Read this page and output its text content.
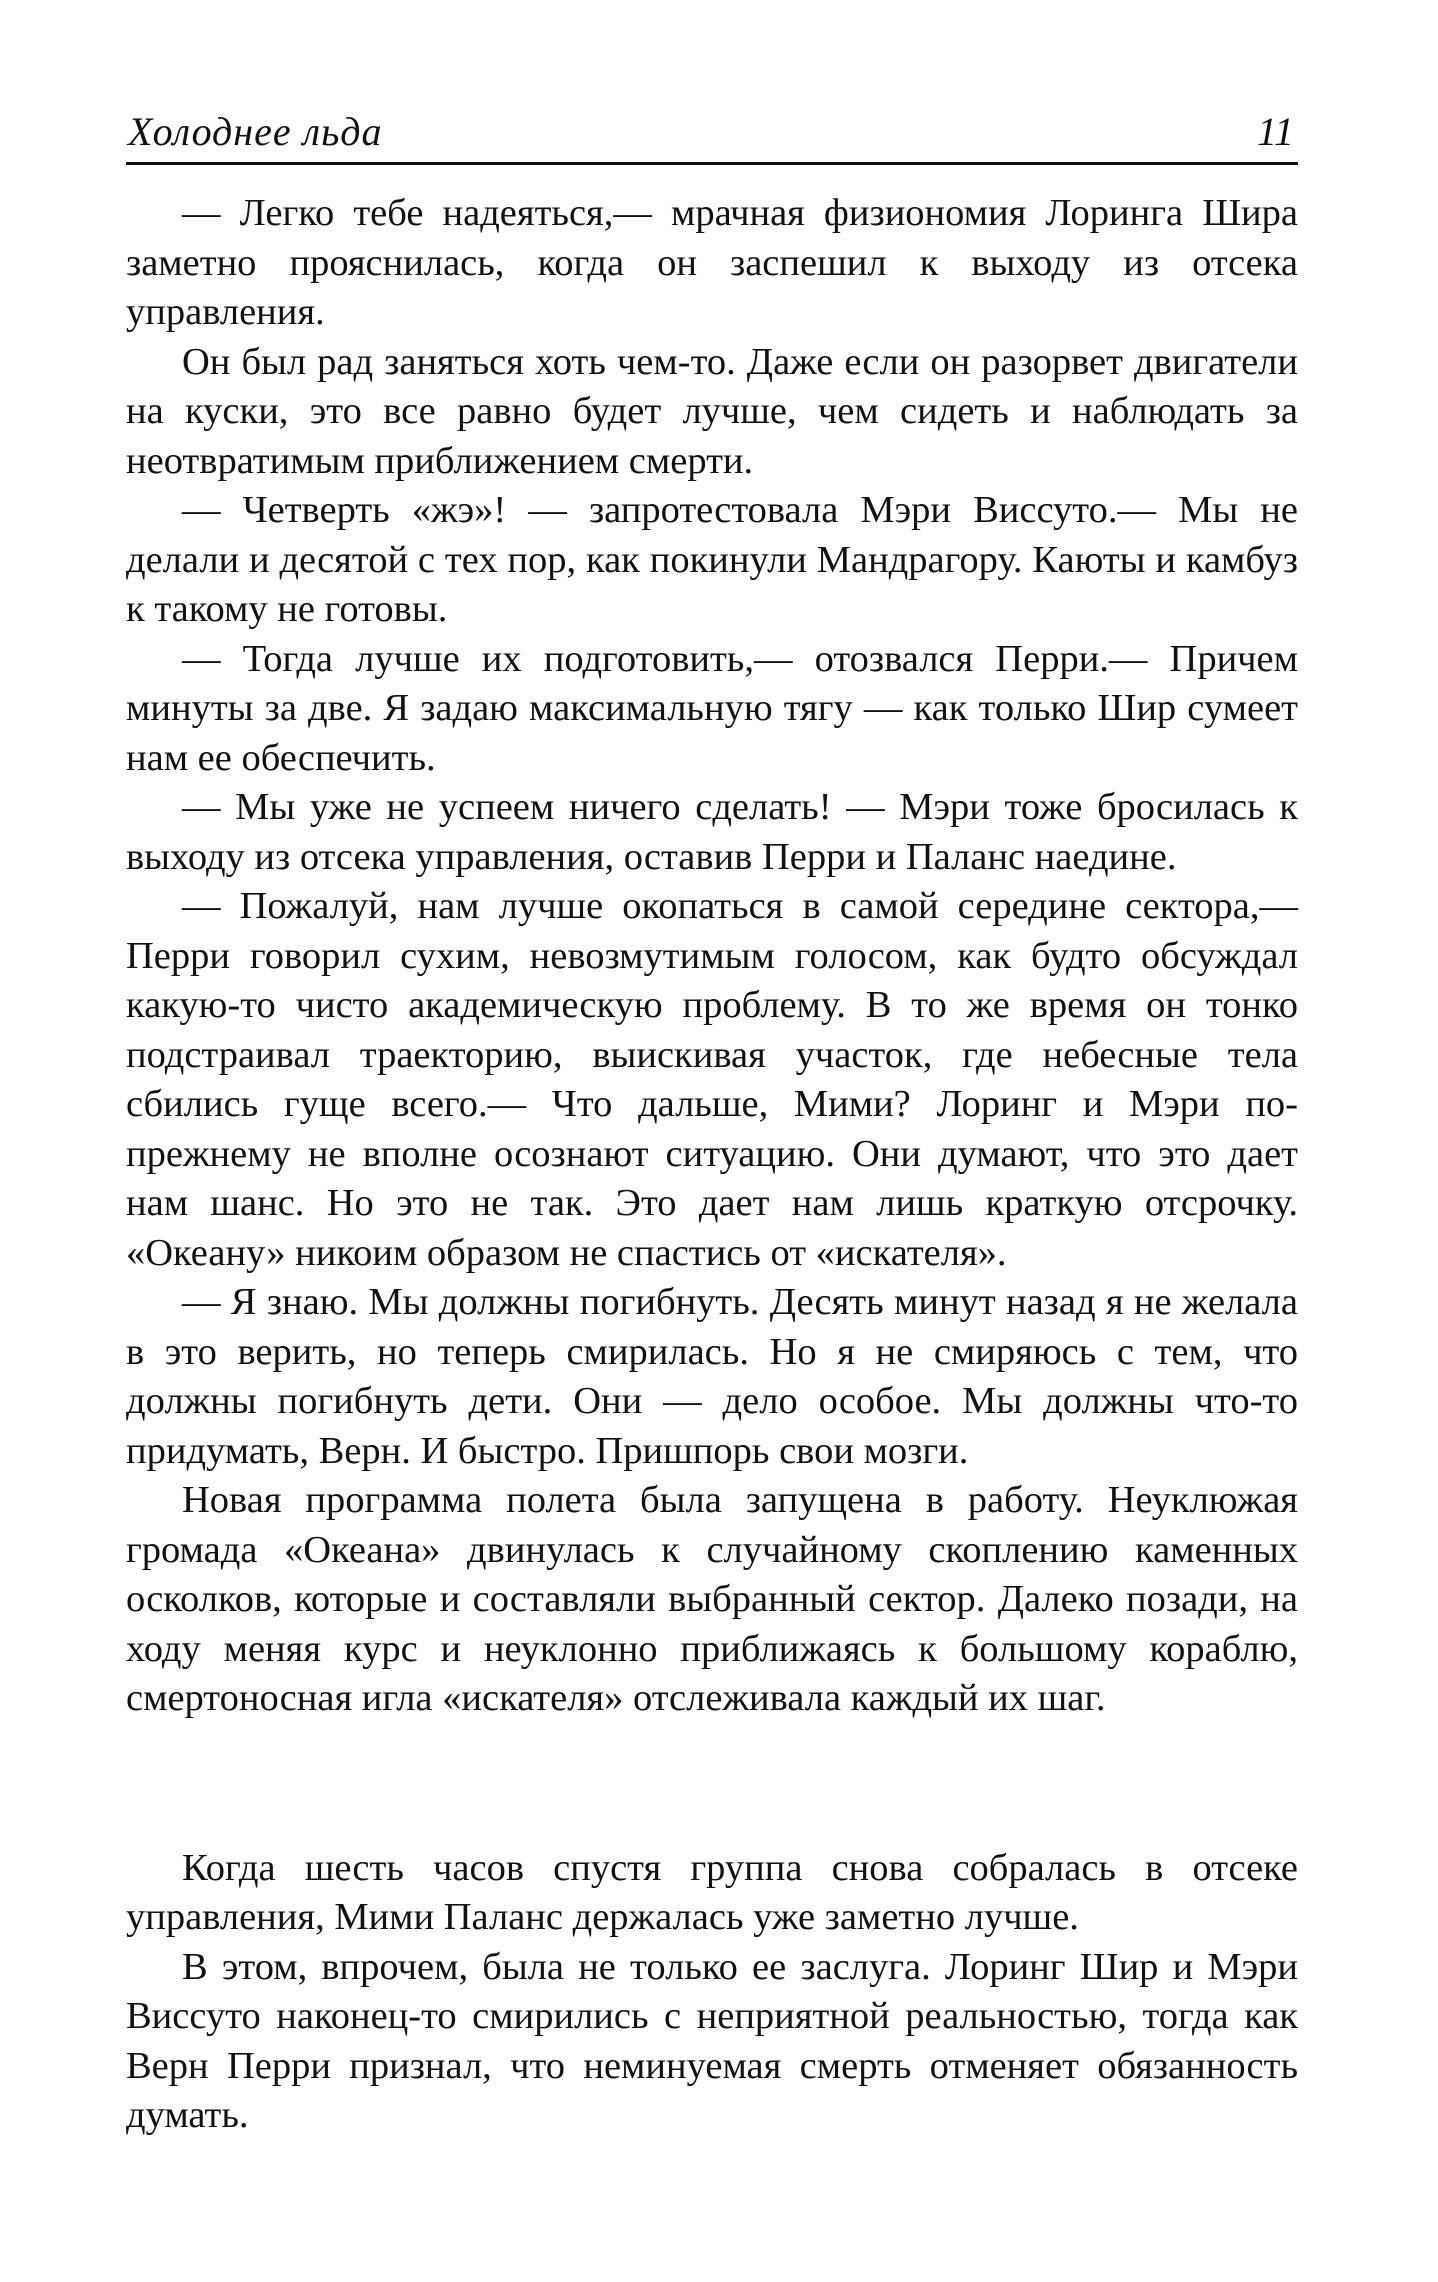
Холоднее льда	11

— Легко тебе надеяться,— мрачная физиономия Лоринга Шира заметно прояснилась, когда он заспешил к выходу из отсека управления.

Он был рад заняться хоть чем-то. Даже если он разорвет двигатели на куски, это все равно будет лучше, чем сидеть и наблюдать за неотвратимым приближением смерти.

— Четверть «жэ»! — запротестовала Мэри Виссуто.— Мы не делали и десятой с тех пор, как покинули Мандрагору. Каюты и камбуз к такому не готовы.

— Тогда лучше их подготовить,— отозвался Перри.— Причем минуты за две. Я задаю максимальную тягу — как только Шир сумеет нам ее обеспечить.

— Мы уже не успеем ничего сделать! — Мэри тоже бросилась к выходу из отсека управления, оставив Перри и Паланс наедине.

— Пожалуй, нам лучше окопаться в самой середине сектора,— Перри говорил сухим, невозмутимым голосом, как будто обсуждал какую-то чисто академическую проблему. В то же время он тонко подстраивал траекторию, выискивая участок, где небесные тела сбились гуще всего.— Что дальше, Мими? Лоринг и Мэри по-прежнему не вполне осознают ситуацию. Они думают, что это дает нам шанс. Но это не так. Это дает нам лишь краткую отсрочку. «Океану» никоим образом не спастись от «искателя».

— Я знаю. Мы должны погибнуть. Десять минут назад я не желала в это верить, но теперь смирилась. Но я не смиряюсь с тем, что должны погибнуть дети. Они — дело особое. Мы должны что-то придумать, Верн. И быстро. Пришпорь свои мозги.

Новая программа полета была запущена в работу. Неуклюжая громада «Океана» двинулась к случайному скоплению каменных осколков, которые и составляли выбранный сектор. Далеко позади, на ходу меняя курс и неуклонно приближаясь к большому кораблю, смертоносная игла «искателя» отслеживала каждый их шаг.

Когда шесть часов спустя группа снова собралась в отсеке управления, Мими Паланс держалась уже заметно лучше.

В этом, впрочем, была не только ее заслуга. Лоринг Шир и Мэри Виссуто наконец-то смирились с неприятной реальностью, тогда как Верн Перри признал, что неминуемая смерть отменяет обязанность думать.
